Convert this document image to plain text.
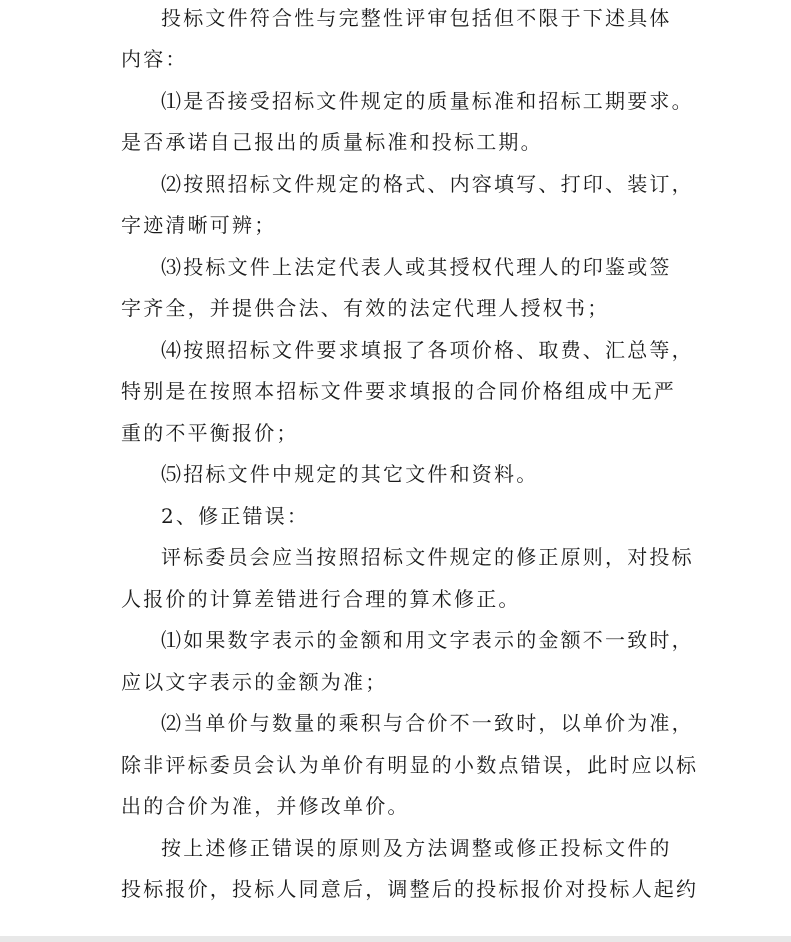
投标文件符合性与完整性评审包括但不限于下述具体
内容：
⑴是否接受招标文件规定的质量标准和招标工期要求。
是否承诺自己报出的质量标准和投标工期。
⑵按照招标文件规定的格式、内容填写、打印、装订，
字迹清晰可辨；
⑶投标文件上法定代表人或其授权代理人的印鉴或签
字齐全，并提供合法、有效的法定代理人授权书；
⑷按照招标文件要求填报了各项价格、取费、汇总等，
特别是在按照本招标文件要求填报的合同价格组成中无严
重的不平衡报价；
⑸招标文件中规定的其它文件和资料。
2、修正错误：
评标委员会应当按照招标文件规定的修正原则，对投标
人报价的计算差错进行合理的算术修正。
⑴如果数字表示的金额和用文字表示的金额不一致时，
应以文字表示的金额为准；
⑵当单价与数量的乘积与合价不一致时，以单价为准，
除非评标委员会认为单价有明显的小数点错误，此时应以标
出的合价为准，并修改单价。
按上述修正错误的原则及方法调整或修正投标文件的
投标报价，投标人同意后，调整后的投标报价对投标人起约
